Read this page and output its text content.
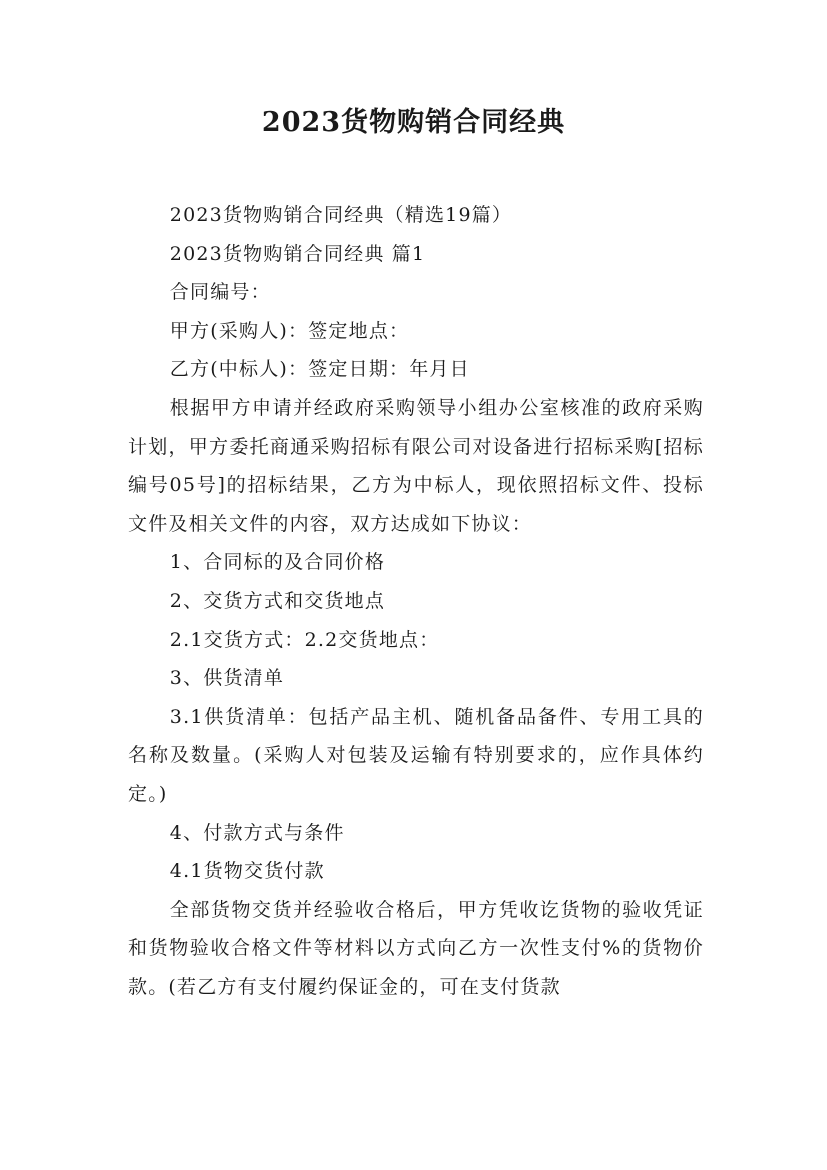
2023货物购销合同经典

2023货物购销合同经典（精选19篇）

2023货物购销合同经典 篇1

合同编号：

甲方(采购人)：签定地点：

乙方(中标人)：签定日期：年月日

根据甲方申请并经政府采购领导小组办公室核准的政府采购计划，甲方委托商通采购招标有限公司对设备进行招标采购[招标编号05号]的招标结果，乙方为中标人，现依照招标文件、投标文件及相关文件的内容，双方达成如下协议：

1、合同标的及合同价格

2、交货方式和交货地点

2.1交货方式：2.2交货地点：

3、供货清单

3.1供货清单：包括产品主机、随机备品备件、专用工具的名称及数量。(采购人对包装及运输有特别要求的，应作具体约定。)

4、付款方式与条件

4.1货物交货付款

全部货物交货并经验收合格后，甲方凭收讫货物的验收凭证和货物验收合格文件等材料以方式向乙方一次性支付%的货物价款。(若乙方有支付履约保证金的，可在支付货款
